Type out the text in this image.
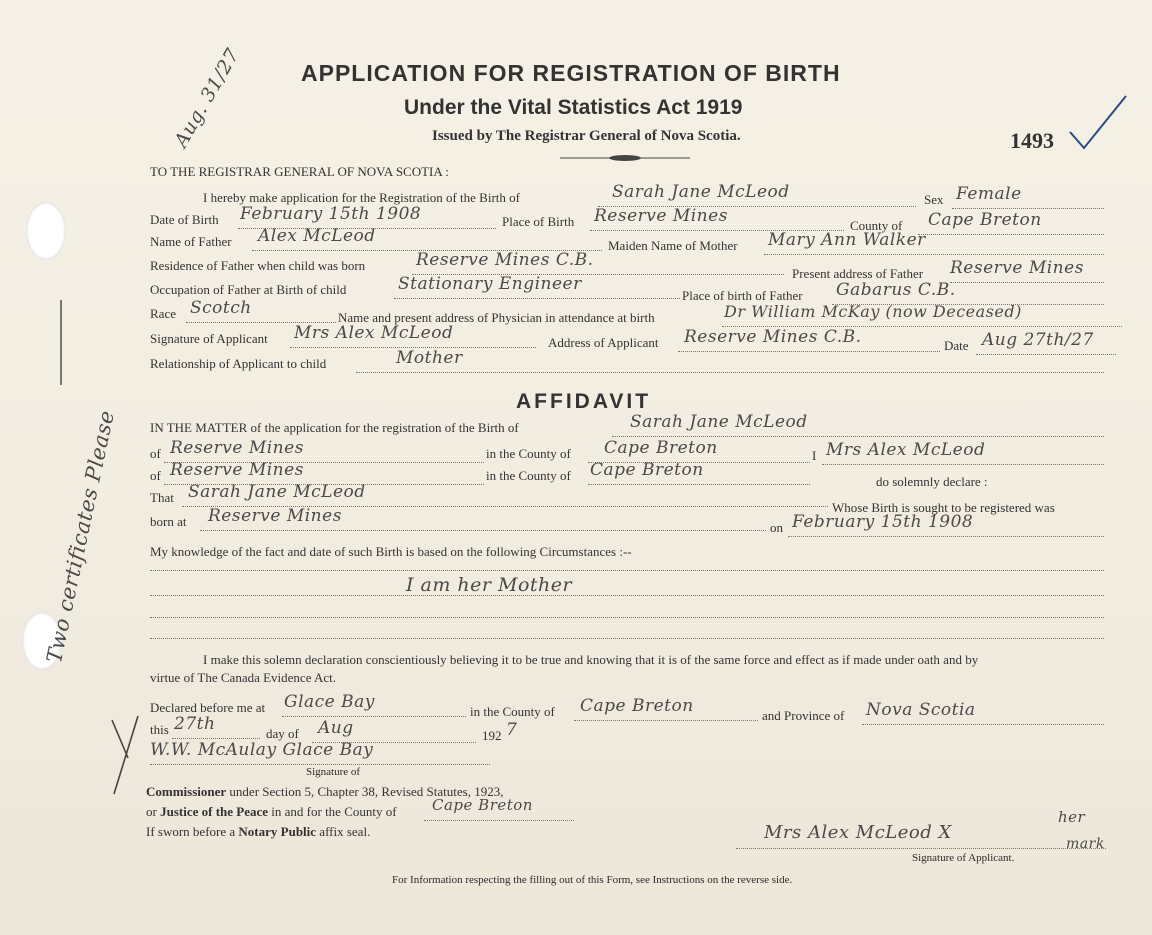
Aug. 31/27
Two certificates Please
APPLICATION FOR REGISTRATION OF BIRTH
Under the Vital Statistics Act 1919
Issued by The Registrar General of Nova Scotia.	1493
TO THE REGISTRAR GENERAL OF NOVA SCOTIA :
I hereby make application for the Registration of the Birth of	Sarah Jane McLeod	Sex Female
Date of Birth February 15th 1908	Place of Birth Reserve Mines	County of Cape Breton
Name of Father Alex McLeod	Maiden Name of Mother Mary Ann Walker
Residence of Father when child was born	Reserve Mines C.B.
Present address of Father Reserve Mines
Occupation of Father at Birth of child	Stationary Engineer
Place of birth of Father Gabarus C.B.
Race Scotch	Name and present address of Physician in attendance at birth	Dr William McKay (now Deceased)
Signature of Applicant Mrs Alex McLeod	Address of Applicant Reserve Mines C.B.	Date Aug 27th/27
Relationship of Applicant to child	Mother
AFFIDAVIT
IN THE MATTER of the application for the registration of the Birth of	Sarah Jane McLeod
of Reserve Mines	in the County of Cape Breton	I Mrs Alex McLeod
of Reserve Mines	in the County of Cape Breton
do solemnly declare :
That Sarah Jane McLeod
Whose Birth is sought to be registered was
born at Reserve Mines
on February 15th 1908
My knowledge of the fact and date of such Birth is based on the following Circumstances :--
I am her Mother
I make this solemn declaration conscientiously believing it to be true and knowing that it is of the same force and effect as if made under oath and by
virtue of The Canada Evidence Act.
Declared before me at Glace Bay	in the County of Cape Breton	and Province of Nova Scotia
this 27th	day of Aug	192 7
W.W. McAulay Glace Bay
Signature of
Commissioner under Section 5, Chapter 38, Revised Statutes, 1923,
or Justice of the Peace in and for the County of Cape Breton
If sworn before a Notary Public affix seal.	Mrs Alex McLeod X
her
mark
Signature of Applicant.
For Information respecting the filling out of this Form, see Instructions on the reverse side.
